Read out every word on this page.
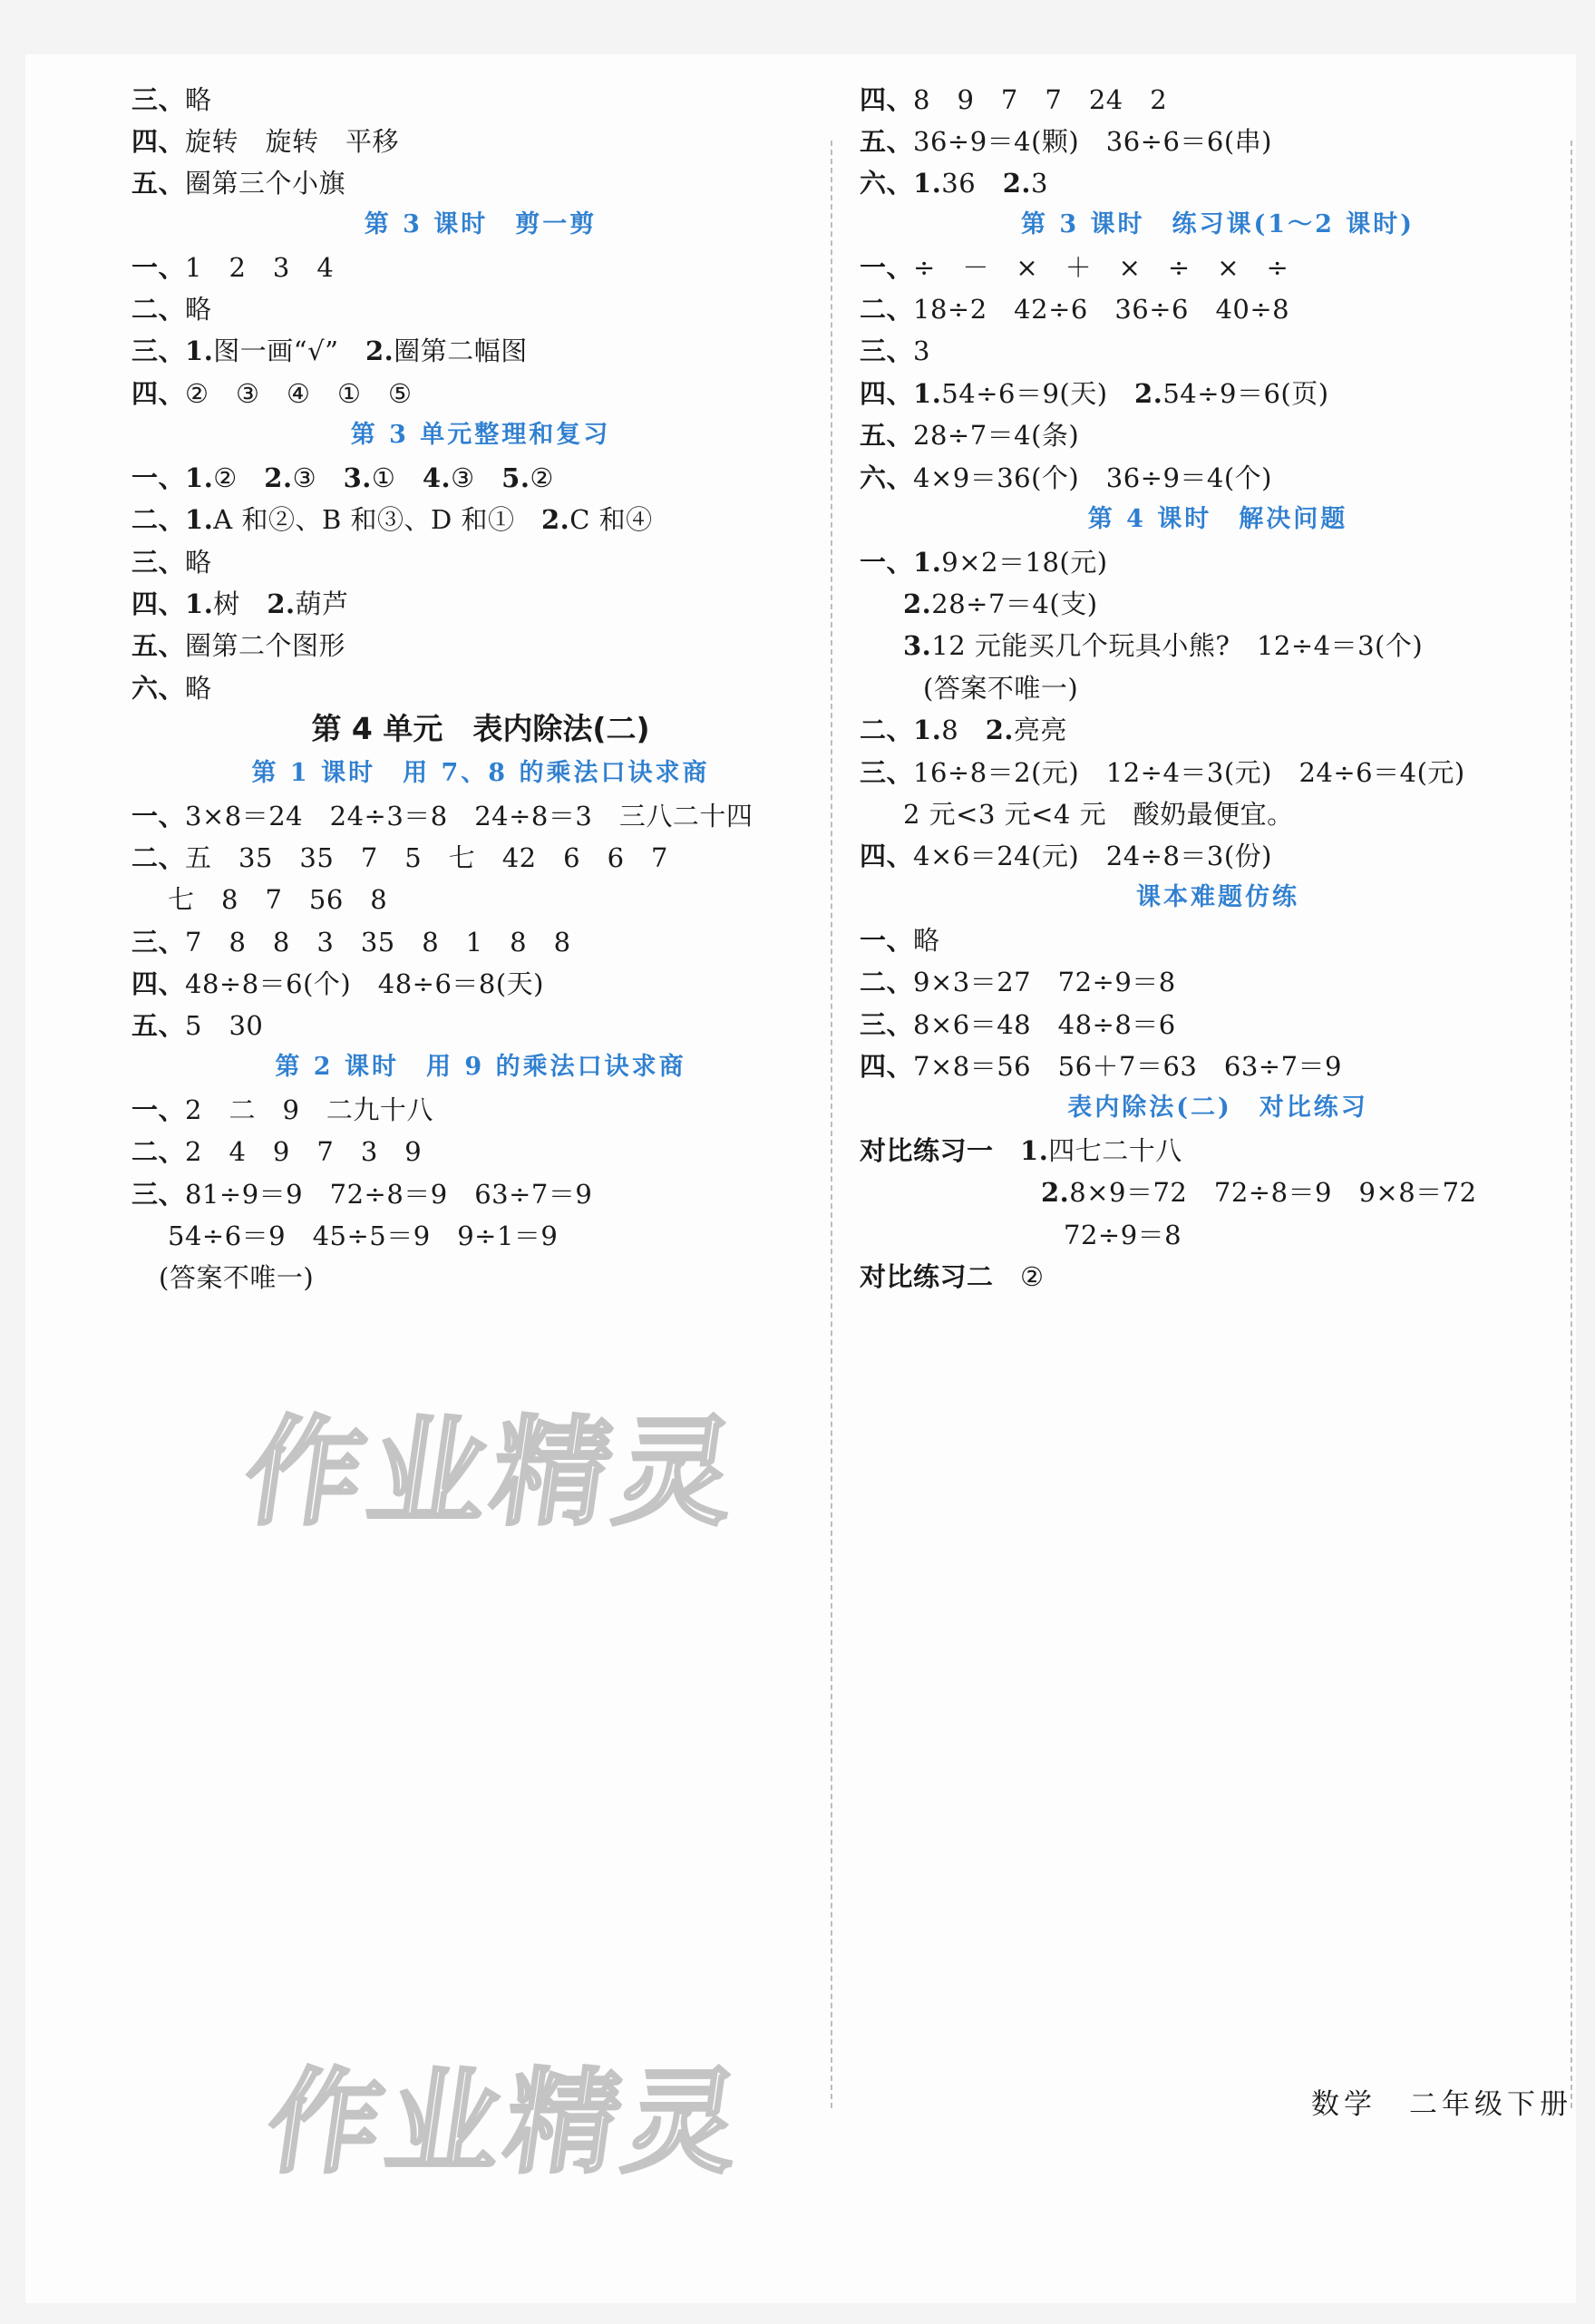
三、略
四、旋转　旋转　平移
五、圈第三个小旗
第 3 课时　剪一剪
一、1　2　3　4
二、略
三、1.图一画“√”　2.圈第二幅图
四、②　③　④　①　⑤
第 3 单元整理和复习
一、1.②　2.③　3.①　4.③　5.②
二、1.A 和②、B 和③、D 和①　2.C 和④
三、略
四、1.树　2.葫芦
五、圈第二个图形
六、略
第 4 单元　表内除法(二)
第 1 课时　用 7、8 的乘法口诀求商
一、3×8＝24　24÷3＝8　24÷8＝3　三八二十四
二、五　35　35　7　5　七　42　6　6　7
七　8　7　56　8
三、7　8　8　3　35　8　1　8　8
四、48÷8＝6(个)　48÷6＝8(天)
五、5　30
第 2 课时　用 9 的乘法口诀求商
一、2　二　9　二九十八
二、2　4　9　7　3　9
三、81÷9＝9　72÷8＝9　63÷7＝9
54÷6＝9　45÷5＝9　9÷1＝9
(答案不唯一)
四、8　9　7　7　24　2
五、36÷9＝4(颗)　36÷6＝6(串)
六、1.36　2.3
第 3 课时　练习课(1～2 课时)
一、÷　－　×　＋　×　÷　×　÷
二、18÷2　42÷6　36÷6　40÷8
三、3
四、1.54÷6＝9(天)　2.54÷9＝6(页)
五、28÷7＝4(条)
六、4×9＝36(个)　36÷9＝4(个)
第 4 课时　解决问题
一、1.9×2＝18(元)
2.28÷7＝4(支)
3.12 元能买几个玩具小熊?　12÷4＝3(个)
(答案不唯一)
二、1.8　2.亮亮
三、16÷8＝2(元)　12÷4＝3(元)　24÷6＝4(元)
2 元<3 元<4 元　酸奶最便宜。
四、4×6＝24(元)　24÷8＝3(份)
课本难题仿练
一、略
二、9×3＝27　72÷9＝8
三、8×6＝48　48÷8＝6
四、7×8＝56　56＋7＝63　63÷7＝9
表内除法(二)　对比练习
对比练习一　1.四七二十八
2.8×9＝72　72÷8＝9　9×8＝72
72÷9＝8
对比练习二　②
数学　二年级下册
作业精灵
作业精灵
